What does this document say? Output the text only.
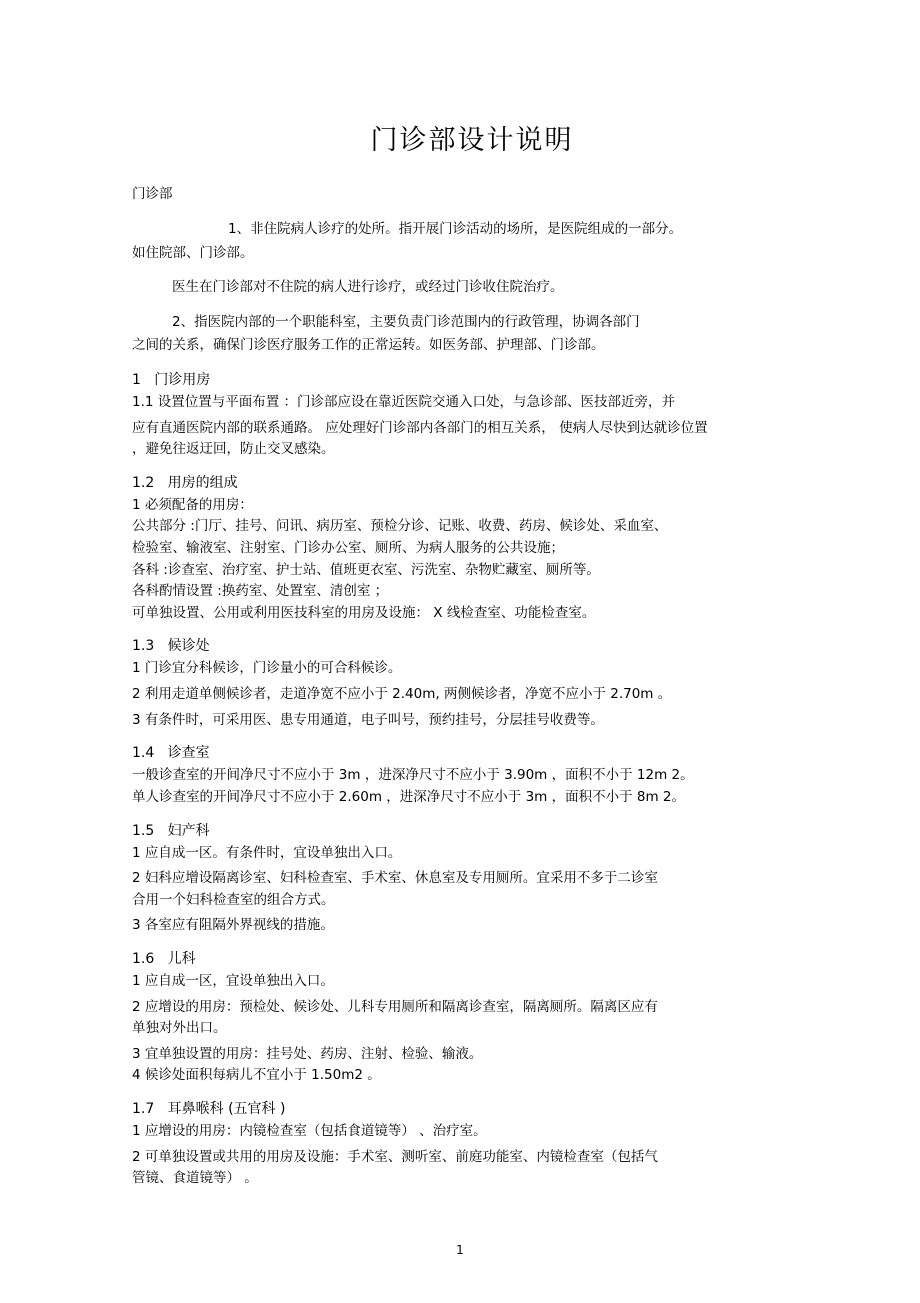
门诊部设计说明

门诊部

1、非住院病人诊疗的处所。指开展门诊活动的场所，是医院组成的一部分。

如住院部、门诊部。

医生在门诊部对不住院的病人进行诊疗，或经过门诊收住院治疗。

2、指医院内部的一个职能科室，主要负责门诊范围内的行政管理，协调各部门

之间的关系，确保门诊医疗服务工作的正常运转。如医务部、护理部、门诊部。

1 门诊用房

1.1 设置位置与平面布置 ：门诊部应设在靠近医院交通入口处，与急诊部、医技部近旁，并

应有直通医院内部的联系通路。 应处理好门诊部内各部门的相互关系， 使病人尽快到达就诊位置

，避免往返迂回，防止交叉感染。

1.2 用房的组成

1 必须配备的用房：

公共部分 :门厅、挂号、问讯、病历室、预检分诊、记账、收费、药房、候诊处、采血室、

检验室、输液室、注射室、门诊办公室、厕所、为病人服务的公共设施；

各科 :诊查室、治疗室、护士站、值班更衣室、污洗室、杂物贮藏室、厕所等。

各科酌情设置 :换药室、处置室、清创室 ；

可单独设置、公用或利用医技科室的用房及设施： X 线检查室、功能检查室。

1.3 候诊处

1 门诊宜分科候诊，门诊量小的可合科候诊。

2 利用走道单侧候诊者，走道净宽不应小于 2.40m, 两侧候诊者，净宽不应小于 2.70m 。

3 有条件时，可采用医、患专用通道，电子叫号，预约挂号，分层挂号收费等。

1.4 诊查室

一般诊查室的开间净尺寸不应小于 3m ，进深净尺寸不应小于 3.90m ，面积不小于 12m 2。

单人诊查室的开间净尺寸不应小于 2.60m ，进深净尺寸不应小于 3m ，面积不小于 8m 2。

1.5 妇产科

1 应自成一区。有条件时，宜设单独出入口。

2 妇科应增设隔离诊室、妇科检查室、手术室、休息室及专用厕所。宜采用不多于二诊室

合用一个妇科检查室的组合方式。

3 各室应有阻隔外界视线的措施。

1.6 儿科

1 应自成一区，宜设单独出入口。

2 应增设的用房：预检处、候诊处、儿科专用厕所和隔离诊查室，隔离厕所。隔离区应有

单独对外出口。

3 宜单独设置的用房：挂号处、药房、注射、检验、输液。

4 候诊处面积每病儿不宜小于 1.50m2 。

1.7 耳鼻喉科 (五官科 )

1 应增设的用房：内镜检查室（包括食道镜等） 、治疗室。

2 可单独设置或共用的用房及设施：手术室、测听室、前庭功能室、内镜检查室（包括气

管镜、食道镜等） 。

1
